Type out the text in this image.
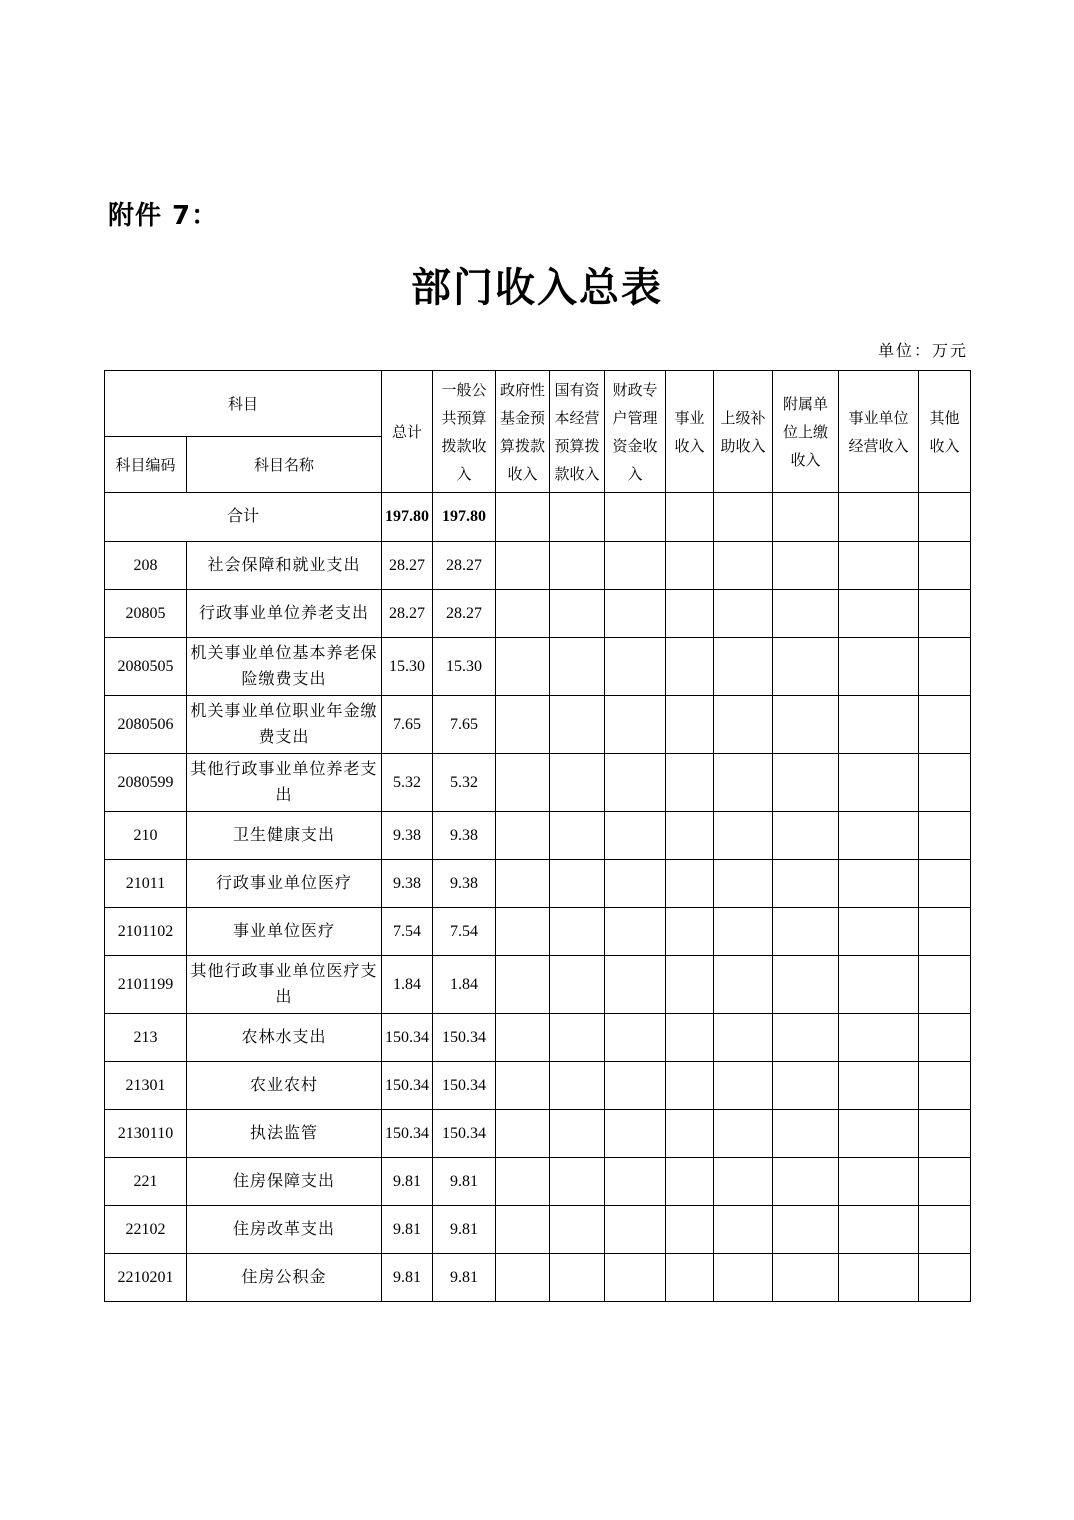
附件 7：
部门收入总表
单位：万元
科目		总计	一般公共预算拨款收入	政府性基金预算拨款收入	国有资本经营预算拨款收入	财政专户管理资金收入	事业收入	上级补助收入	附属单位上缴收入	事业单位经营收入	其他收入
科目编码	科目名称										
合计		197.80	197.80								
208	社会保障和就业支出	28.27	28.27								
20805	行政事业单位养老支出	28.27	28.27								
2080505	机关事业单位基本养老保险缴费支出	15.30	15.30								
2080506	机关事业单位职业年金缴费支出	7.65	7.65								
2080599	其他行政事业单位养老支出	5.32	5.32								
210	卫生健康支出	9.38	9.38								
21011	行政事业单位医疗	9.38	9.38								
2101102	事业单位医疗	7.54	7.54								
2101199	其他行政事业单位医疗支出	1.84	1.84								
213	农林水支出	150.34	150.34								
21301	农业农村	150.34	150.34								
2130110	执法监管	150.34	150.34								
221	住房保障支出	9.81	9.81								
22102	住房改革支出	9.81	9.81								
2210201	住房公积金	9.81	9.81								
